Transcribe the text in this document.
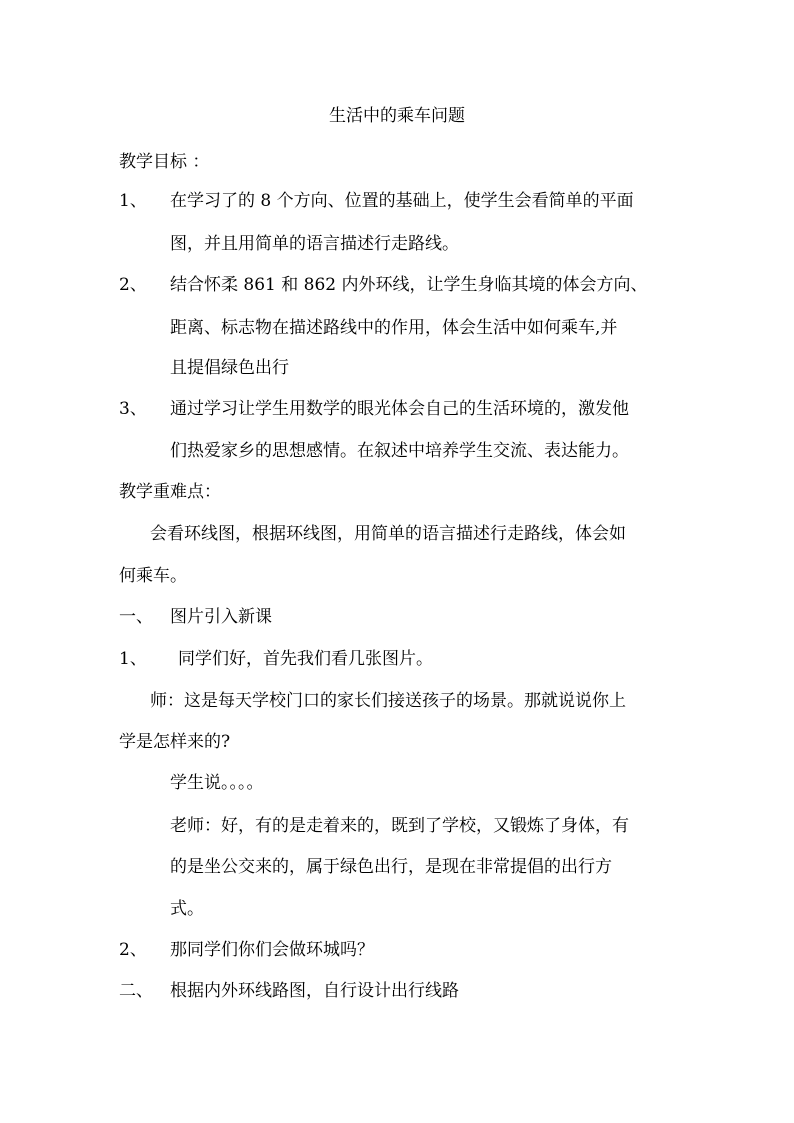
生活中的乘车问题
教学目标 ：
1、 在学习了的 8 个方向、位置的基础上，使学生会看简单的平面
图，并且用简单的语言描述行走路线。
2、 结合怀柔 861 和 862 内外环线，让学生身临其境的体会方向、
距离、标志物在描述路线中的作用，体会生活中如何乘车,并
且提倡绿色出行
3、 通过学习让学生用数学的眼光体会自己的生活环境的，激发他
们热爱家乡的思想感情。在叙述中培养学生交流、表达能力。
教学重难点：
会看环线图，根据环线图，用简单的语言描述行走路线，体会如
何乘车。
一、 图片引入新课
1、 同学们好，首先我们看几张图片。
师：这是每天学校门口的家长们接送孩子的场景。那就说说你上
学是怎样来的?
学生说。。。。
老师：好，有的是走着来的，既到了学校，又锻炼了身体，有
的是坐公交来的，属于绿色出行，是现在非常提倡的出行方
式。
2、 那同学们你们会做环城吗？
二、 根据内外环线路图，自行设计出行线路
